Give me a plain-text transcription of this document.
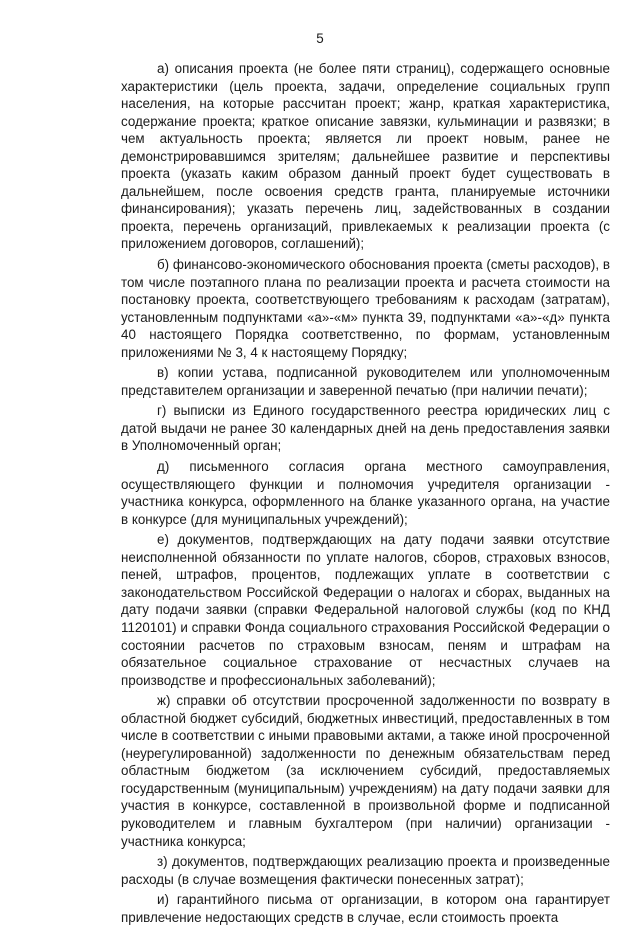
5

а) описания проекта (не более пяти страниц), содержащего основные характеристики (цель проекта, задачи, определение социальных групп населения, на которые рассчитан проект; жанр, краткая характеристика, содержание проекта; краткое описание завязки, кульминации и развязки; в чем актуальность проекта; является ли проект новым, ранее не демонстрировавшимся зрителям; дальнейшее развитие и перспективы проекта (указать каким образом данный проект будет существовать в дальнейшем, после освоения средств гранта, планируемые источники финансирования); указать перечень лиц, задействованных в создании проекта, перечень организаций, привлекаемых к реализации проекта (с приложением договоров, соглашений);

б) финансово-экономического обоснования проекта (сметы расходов), в том числе поэтапного плана по реализации проекта и расчета стоимости на постановку проекта, соответствующего требованиям к расходам (затратам), установленным подпунктами «а»-«м» пункта 39, подпунктами «а»-«д» пункта 40 настоящего Порядка соответственно, по формам, установленным приложениями № 3, 4 к настоящему Порядку;

в) копии устава, подписанной руководителем или уполномоченным представителем организации и заверенной печатью (при наличии печати);

г) выписки из Единого государственного реестра юридических лиц с датой выдачи не ранее 30 календарных дней на день предоставления заявки в Уполномоченный орган;

д) письменного согласия органа местного самоуправления, осуществляющего функции и полномочия учредителя организации - участника конкурса, оформленного на бланке указанного органа, на участие в конкурсе (для муниципальных учреждений);

е) документов, подтверждающих на дату подачи заявки отсутствие неисполненной обязанности по уплате налогов, сборов, страховых взносов, пеней, штрафов, процентов, подлежащих уплате в соответствии с законодательством Российской Федерации о налогах и сборах, выданных на дату подачи заявки (справки Федеральной налоговой службы (код по КНД 1120101) и справки Фонда социального страхования Российской Федерации о состоянии расчетов по страховым взносам, пеням и штрафам на обязательное социальное страхование от несчастных случаев на производстве и профессиональных заболеваний);

ж) справки об отсутствии просроченной задолженности по возврату в областной бюджет субсидий, бюджетных инвестиций, предоставленных в том числе в соответствии с иными правовыми актами, а также иной просроченной (неурегулированной) задолженности по денежным обязательствам перед областным бюджетом (за исключением субсидий, предоставляемых государственным (муниципальным) учреждениям) на дату подачи заявки для участия в конкурсе, составленной в произвольной форме и подписанной руководителем и главным бухгалтером (при наличии) организации - участника конкурса;

з) документов, подтверждающих реализацию проекта и произведенные расходы (в случае возмещения фактически понесенных затрат);

и) гарантийного письма от организации, в котором она гарантирует привлечение недостающих средств в случае, если стоимость проекта
